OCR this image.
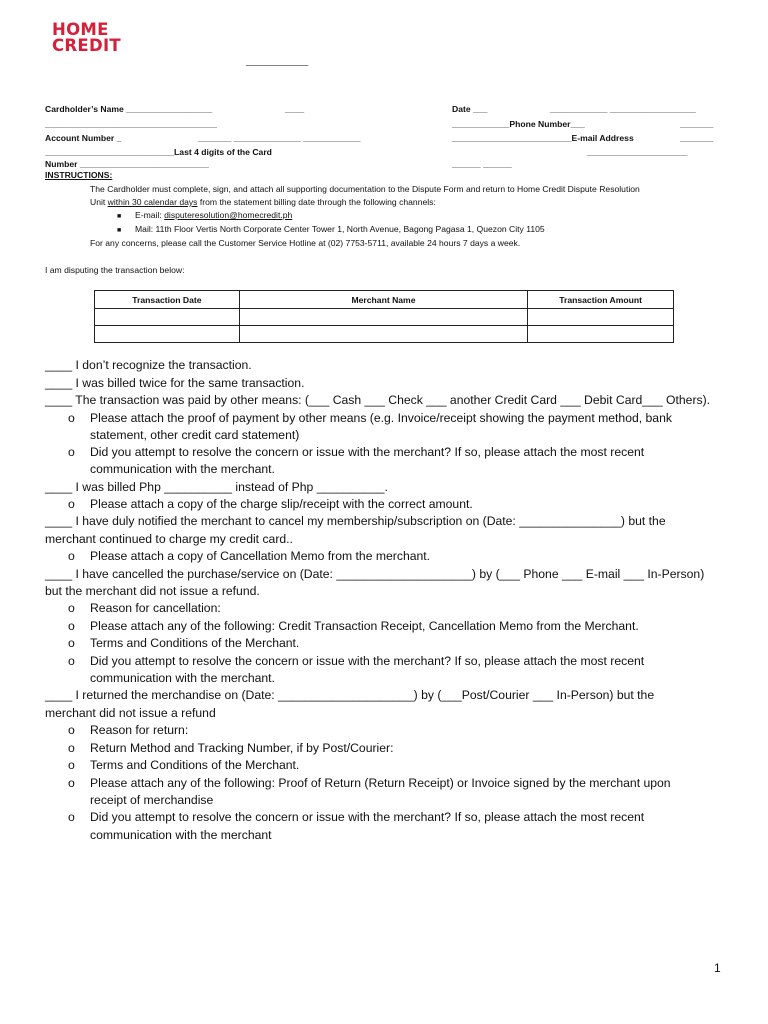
HOME
CREDIT
_____________
Cardholder’s Name __________________	____	Date ___	____________ __________________
____________________________________	____________Phone Number___	_______
Account Number _	_______ ______________ ____________	_________________________E-mail Address	_______
___________________________Last 4 digits of the Card	_____________________
Number ___________________________	______ ______
INSTRUCTIONS:
The Cardholder must complete, sign, and attach all supporting documentation to the Dispute Form and return to Home Credit Dispute Resolution
Unit within 30 calendar days from the statement billing date through the following channels:
■ E-mail: disputeresolution@homecredit.ph
■ Mail: 11th Floor Vertis North Corporate Center Tower 1, North Avenue, Bagong Pagasa 1, Quezon City 1105
For any concerns, please call the Customer Service Hotline at (02) 7753-5711, available 24 hours 7 days a week.
I am disputing the transaction below:
Transaction Date	Merchant Name	Transaction Amount

____ I don’t recognize the transaction.
____ I was billed twice for the same transaction.
____ The transaction was paid by other means: (___ Cash ___ Check ___ another Credit Card ___ Debit Card___ Others).
o Please attach the proof of payment by other means (e.g. Invoice/receipt showing the payment method, bank
statement, other credit card statement)
o Did you attempt to resolve the concern or issue with the merchant? If so, please attach the most recent
communication with the merchant.
____ I was billed Php __________ instead of Php __________.
o Please attach a copy of the charge slip/receipt with the correct amount.
____ I have duly notified the merchant to cancel my membership/subscription on (Date: _______________) but the
merchant continued to charge my credit card..
o Please attach a copy of Cancellation Memo from the merchant.
____ I have cancelled the purchase/service on (Date: ____________________) by (___ Phone ___ E-mail ___ In-Person)
but the merchant did not issue a refund.
o Reason for cancellation:
o Please attach any of the following: Credit Transaction Receipt, Cancellation Memo from the Merchant.
o Terms and Conditions of the Merchant.
o Did you attempt to resolve the concern or issue with the merchant? If so, please attach the most recent
communication with the merchant.
____ I returned the merchandise on (Date: ____________________) by (___Post/Courier ___ In-Person) but the
merchant did not issue a refund
o Reason for return:
o Return Method and Tracking Number, if by Post/Courier:
o Terms and Conditions of the Merchant.
o Please attach any of the following: Proof of Return (Return Receipt) or Invoice signed by the merchant upon
receipt of merchandise
o Did you attempt to resolve the concern or issue with the merchant? If so, please attach the most recent
communication with the merchant
1
